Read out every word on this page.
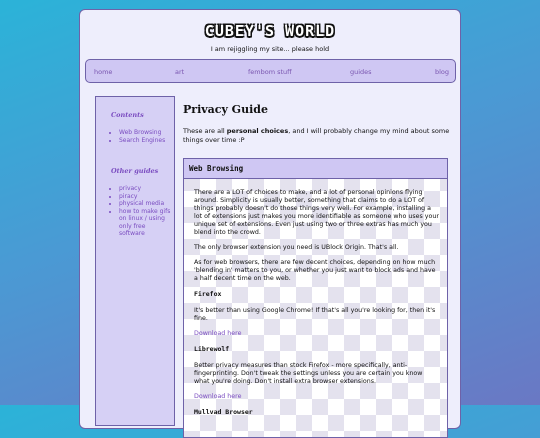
CUBEY'S WORLD
I am rejiggling my site... please hold
home	art	fembom stuff	guides	blog
Contents
• Web Browsing
• Search Engines
Other guides
• privacy
• piracy
• physical media
• how to make gifs on linux / using only free software
Privacy Guide
These are all personal choices, and I will probably change my mind about some things over time :P
Web Browsing

There are a LOT of choices to make, and a lot of personal opinions flying around. Simplicity is usually better, something that claims to do a LOT of things probably doesn't do those things very well. For example, installing a lot of extensions just makes you more identifiable as someone who uses your unique set of extensions. Even just using two or three extras has much you blend into the crowd.

The only browser extension you need is UBlock Origin. That's all.

As for web browsers, there are few decent choices, depending on how much 'blending in' matters to you, or whether you just want to block ads and have a half decent time on the web.

Firefox

It's better than using Google Chrome! If that's all you're looking for, then it's fine.

Download here
Librewolf

Better privacy measures than stock Firefox - more specifically, anti-fingerprinting. Don't tweak the settings unless you are certain you know what you're doing. Don't install extra browser extensions.

Download here
Mullvad Browser
